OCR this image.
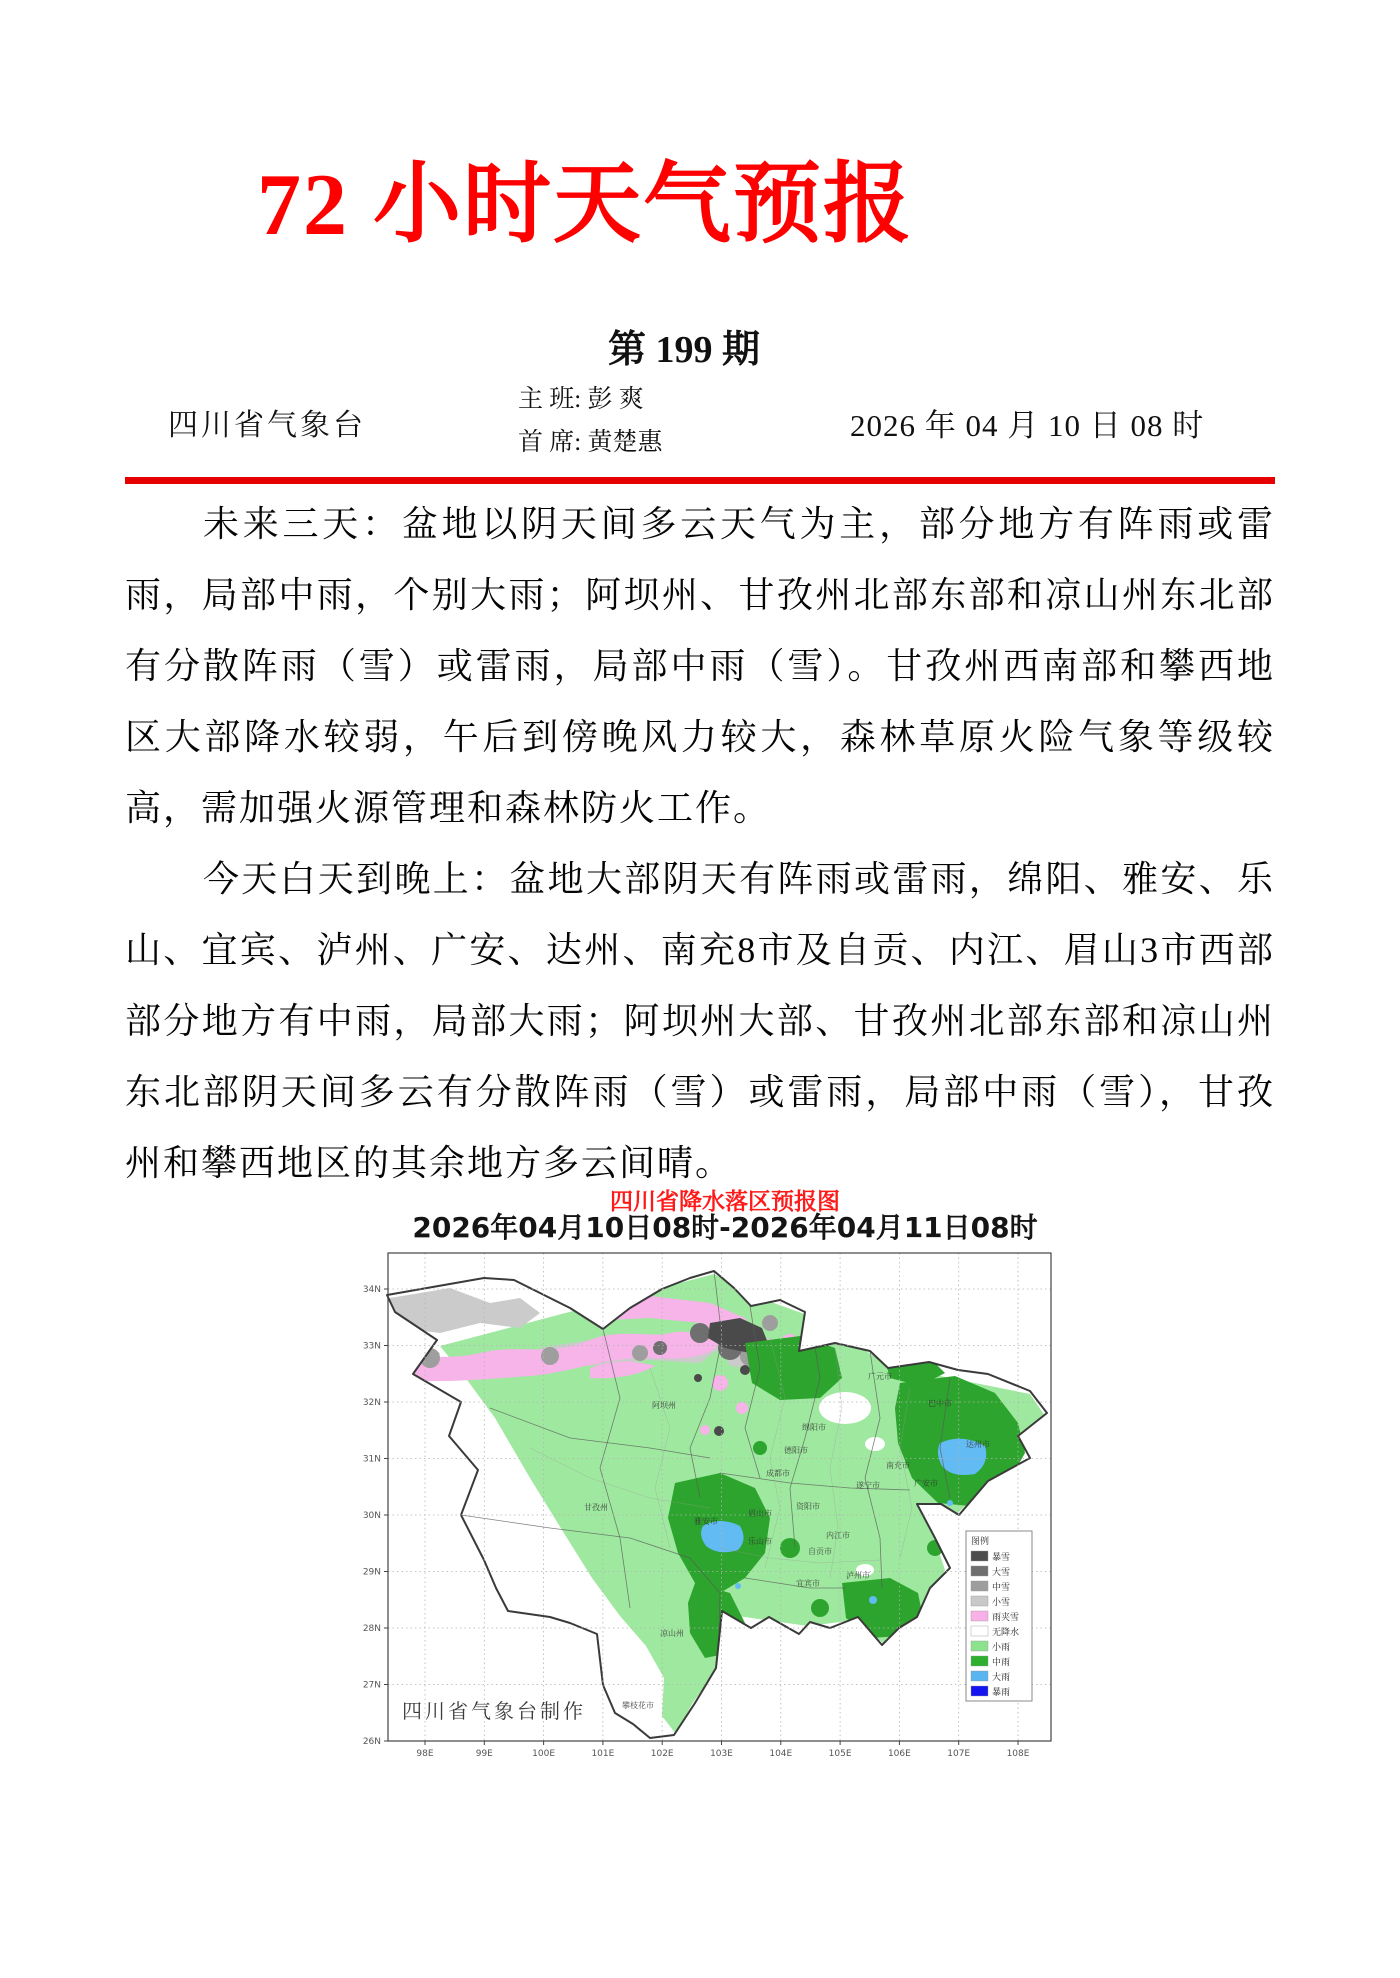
72 小时天气预报
第 199 期
四川省气象台
主 班: 彭 爽
首 席: 黄楚惠	2026 年 04 月 10 日 08 时

未来三天：盆地以阴天间多云天气为主，部分地方有阵雨或雷雨，局部中雨，个别大雨；阿坝州、甘孜州北部东部和凉山州东北部有分散阵雨（雪）或雷雨，局部中雨（雪）。甘孜州西南部和攀西地区大部降水较弱，午后到傍晚风力较大，森林草原火险气象等级较高，需加强火源管理和森林防火工作。

今天白天到晚上：盆地大部阴天有阵雨或雷雨，绵阳、雅安、乐山、宜宾、泸州、广安、达州、南充8市及自贡、内江、眉山3市西部部分地方有中雨，局部大雨；阿坝州大部、甘孜州北部东部和凉山州东北部阴天间多云有分散阵雨（雪）或雷雨，局部中雨（雪），甘孜州和攀西地区的其余地方多云间晴。

四川省降水落区预报图
2026年04月10日08时-2026年04月11日08时
98E	99E	100E	101E	102E	103E	104E	105E	106E	107E	108E
34N
33N
32N
31N
30N
29N
28N
27N
26N
阿坝州
广元市
绵阳市
巴中市
达州市
南充市
德阳市
成都市
遂宁市	广安市
资阳市
眉山市
雅安市
内江市
自贡市
乐山市
泸州市
宜宾市
甘孜州
凉山州
攀枝花市
图例
暴雪
大雪
中雪
小雪
雨夹雪
无降水
小雨
中雨
大雨
暴雨
四川省气象台制作
